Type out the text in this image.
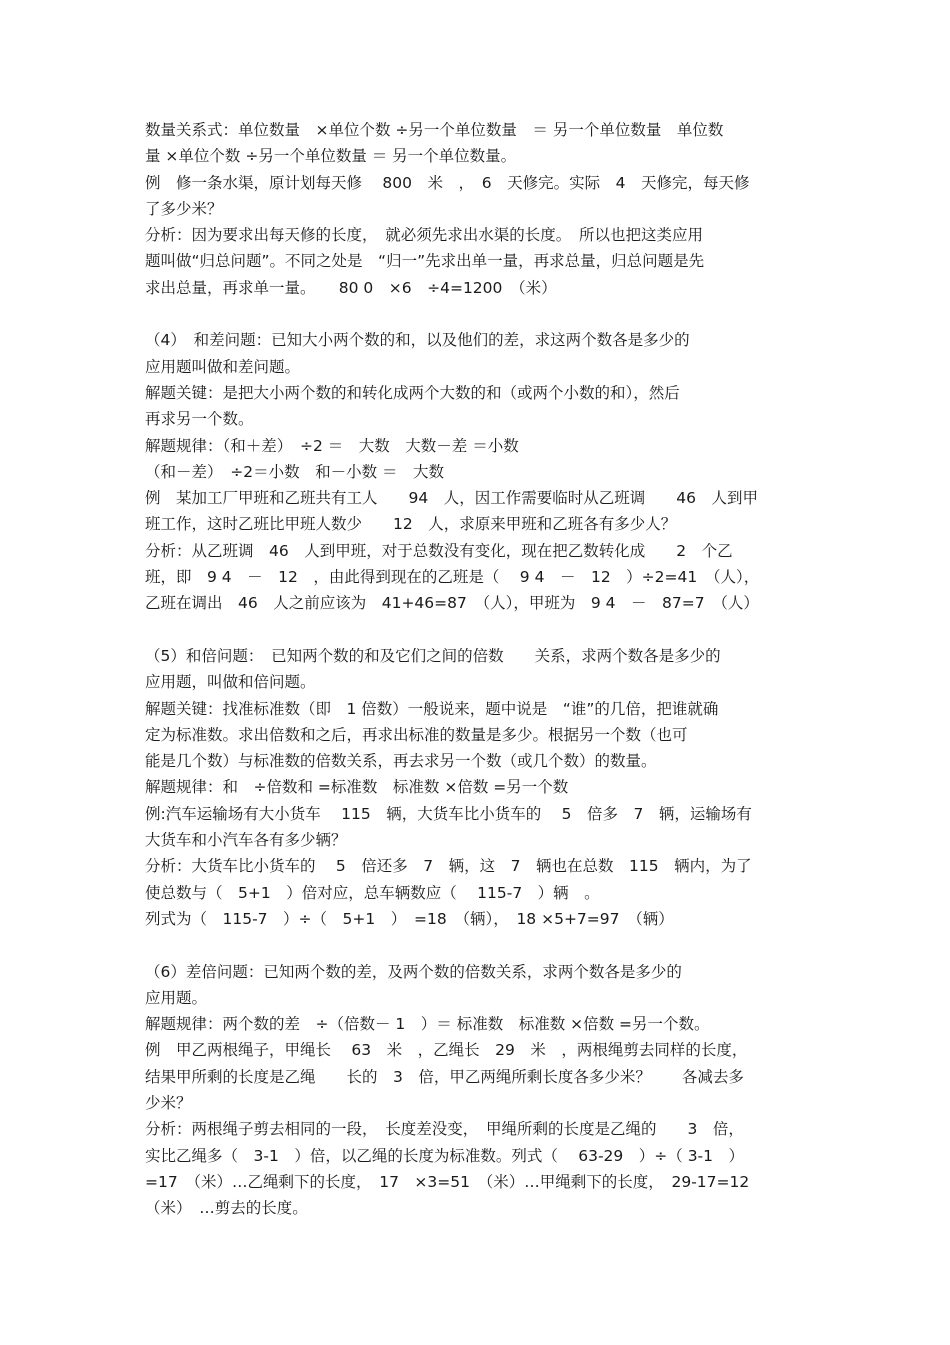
数量关系式：单位数量　×单位个数 ÷另一个单位数量　＝ 另一个单位数量　单位数
量 ×单位个数 ÷另一个单位数量 ＝ 另一个单位数量。
例　修一条水渠，原计划每天修　 800　米　，　6　天修完。实际　4　天修完，每天修
了多少米？
分析：因为要求出每天修的长度，　就必须先求出水渠的长度。　所以也把这类应用
题叫做“归总问题”。不同之处是　“归一”先求出单一量，再求总量，归总问题是先
求出总量，再求单一量。　　80 0　×6　÷4=1200　（米）
（4）　和差问题：已知大小两个数的和，以及他们的差，求这两个数各是多少的
应用题叫做和差问题。
解题关键：是把大小两个数的和转化成两个大数的和（或两个小数的和），然后
再求另一个数。
解题规律：（和＋差）　÷2 ＝　大数　大数－差 ＝小数
（和－差）　÷2＝小数　和－小数 ＝　大数
例　某加工厂甲班和乙班共有工人　　94　人，因工作需要临时从乙班调　　46　人到甲
班工作，这时乙班比甲班人数少　　12　人，求原来甲班和乙班各有多少人？
分析：从乙班调　46　人到甲班，对于总数没有变化，现在把乙数转化成　　2　个乙
班，即　9 4　－　12　，由此得到现在的乙班是（　 9 4　－　12　）÷2=41　（人），
乙班在调出　46　人之前应该为　41+46=87　（人），甲班为　9 4　－　87=7　（人）
（5）和倍问题：　已知两个数的和及它们之间的倍数　　关系，求两个数各是多少的
应用题，叫做和倍问题。
解题关键：找准标准数（即　1 倍数）一般说来，题中说是　“谁”的几倍，把谁就确
定为标准数。求出倍数和之后，再求出标准的数量是多少。根据另一个数（也可
能是几个数）与标准数的倍数关系，再去求另一个数（或几个数）的数量。
解题规律：和　÷倍数和 =标准数　标准数 ×倍数 =另一个数
例:汽车运输场有大小货车　 115　辆，大货车比小货车的　 5　倍多　7　辆，运输场有
大货车和小汽车各有多少辆？
分析：大货车比小货车的　 5　倍还多　7　辆，这　7　辆也在总数　115　辆内，为了
使总数与（　5+1　）倍对应，总车辆数应（　 115-7　）辆　。
列式为（　115-7　）÷（　5+1　）　=18　（辆），　18 ×5+7=97　（辆）
（6）差倍问题：已知两个数的差，及两个数的倍数关系，求两个数各是多少的
应用题。
解题规律：两个数的差　÷（倍数－ 1　）＝ 标准数　标准数 ×倍数 =另一个数。
例　甲乙两根绳子，甲绳长　 63　米　，乙绳长　29　米　，两根绳剪去同样的长度，
结果甲所剩的长度是乙绳　　长的　3　倍，甲乙两绳所剩长度各多少米？　　各减去多
少米？
分析：两根绳子剪去相同的一段，　长度差没变，　甲绳所剩的长度是乙绳的　　3　倍，
实比乙绳多（　3-1　）倍，以乙绳的长度为标准数。列式（　 63-29　）÷（ 3-1　）
=17　（米）…乙绳剩下的长度，　17　×3=51　（米）…甲绳剩下的长度，　29-17=12
（米）　…剪去的长度。
